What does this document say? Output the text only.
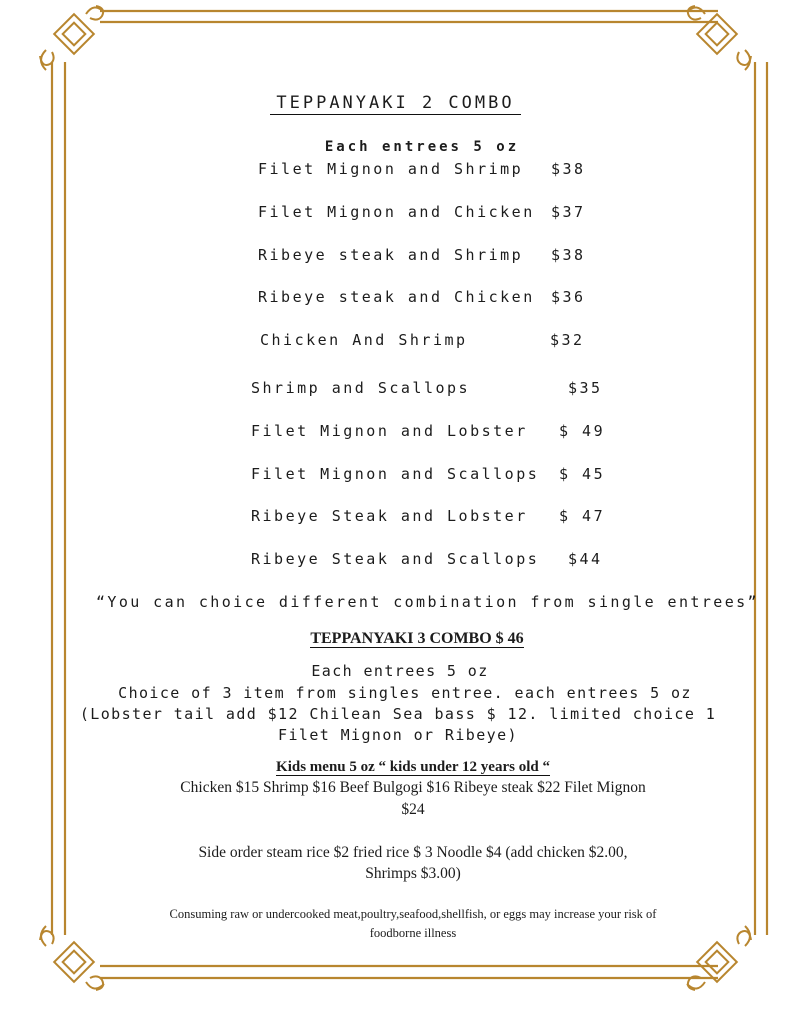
TEPPANYAKI 2 COMBO
Each entrees 5 oz
Filet Mignon and Shrimp $38
Filet Mignon and Chicken $37
Ribeye steak and Shrimp $38
Ribeye steak and Chicken $36
Chicken And Shrimp	$32
Shrimp and Scallops	$35
Filet Mignon and Lobster $ 49
Filet Mignon and Scallops $ 45
Ribeye Steak and Lobster $ 47
Ribeye Steak and Scallops $44
“You can choice different combination from single entrees”
TEPPANYAKI 3 COMBO $ 46
Each entrees 5 oz
Choice of 3 item from singles entree. each entrees 5 oz
(Lobster tail add $12 Chilean Sea bass $ 12. limited choice 1
Filet Mignon or Ribeye)
Kids menu 5 oz “ kids under 12 years old “
Chicken $15 Shrimp $16 Beef Bulgogi $16 Ribeye steak $22 Filet Mignon
$24
Side order steam rice $2 fried rice $ 3 Noodle $4 (add chicken $2.00,
Shrimps $3.00)
Consuming raw or undercooked meat,poultry,seafood,shellfish, or eggs may increase your risk of
foodborne illness
